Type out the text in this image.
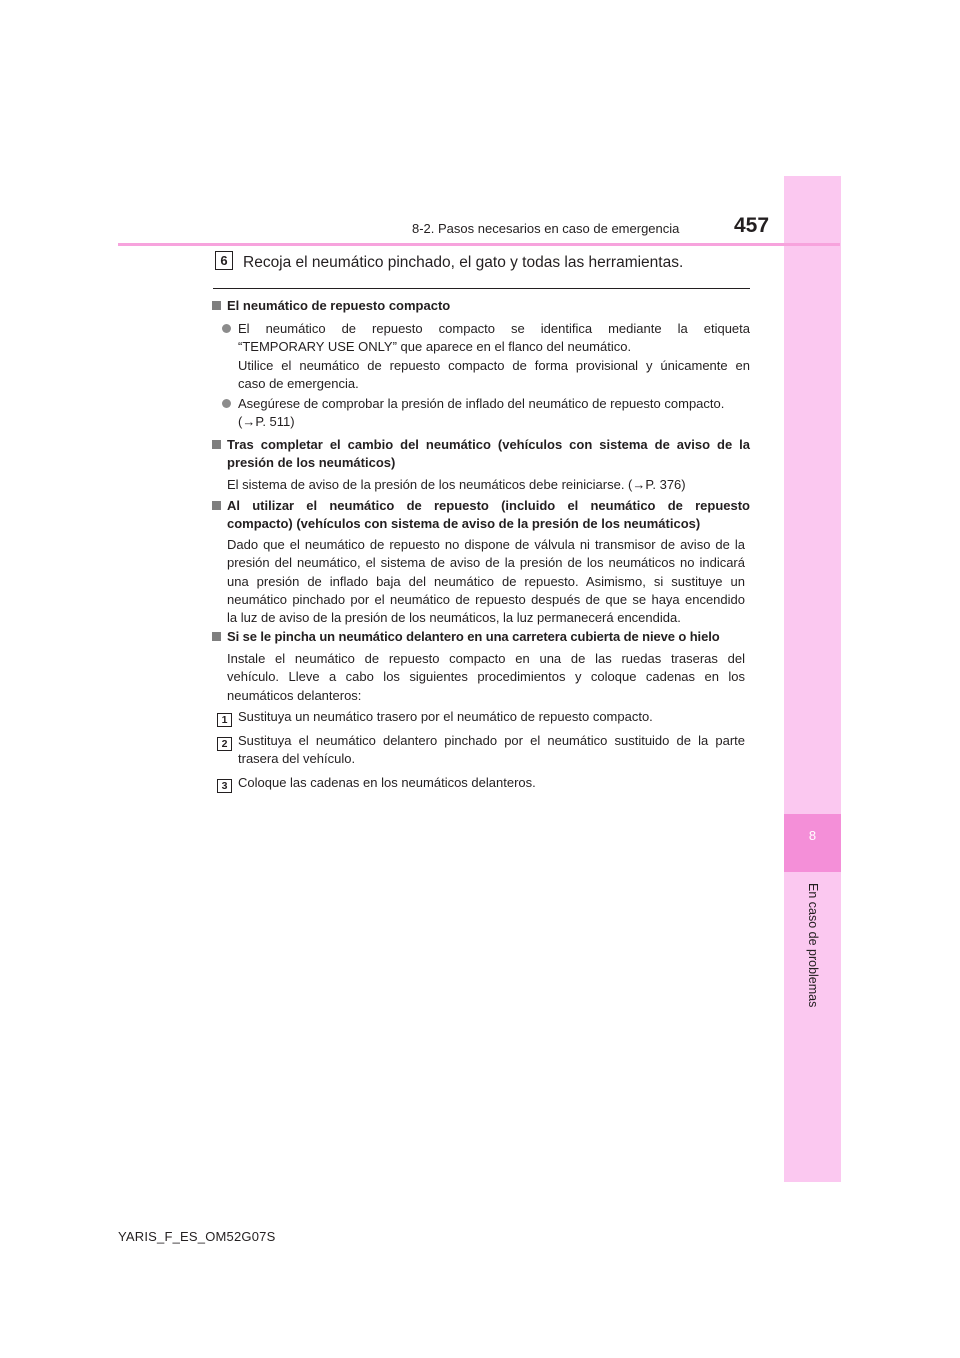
8
En caso de problemas
8-2. Pasos necesarios en caso de emergencia	457
6 Recoja el neumático pinchado, el gato y todas las herramientas.
El neumático de repuesto compacto
El neumático de repuesto compacto se identifica mediante la etiqueta
“TEMPORARY USE ONLY” que aparece en el flanco del neumático.
Utilice el neumático de repuesto compacto de forma provisional y únicamente en
caso de emergencia.
Asegúrese de comprobar la presión de inflado del neumático de repuesto compacto.
(→P. 511)
Tras completar el cambio del neumático (vehículos con sistema de aviso de la
presión de los neumáticos)
El sistema de aviso de la presión de los neumáticos debe reiniciarse. (→P. 376)
Al utilizar el neumático de repuesto (incluido el neumático de repuesto
compacto) (vehículos con sistema de aviso de la presión de los neumáticos)
Dado que el neumático de repuesto no dispone de válvula ni transmisor de aviso de la
presión del neumático, el sistema de aviso de la presión de los neumáticos no indicará
una presión de inflado baja del neumático de repuesto. Asimismo, si sustituye un
neumático pinchado por el neumático de repuesto después de que se haya encendido
la luz de aviso de la presión de los neumáticos, la luz permanecerá encendida.
Si se le pincha un neumático delantero en una carretera cubierta de nieve o hielo
Instale el neumático de repuesto compacto en una de las ruedas traseras del
vehículo. Lleve a cabo los siguientes procedimientos y coloque cadenas en los
neumáticos delanteros:
1 Sustituya un neumático trasero por el neumático de repuesto compacto.
2 Sustituya el neumático delantero pinchado por el neumático sustituido de la parte
trasera del vehículo.
3 Coloque las cadenas en los neumáticos delanteros.
YARIS_F_ES_OM52G07S
